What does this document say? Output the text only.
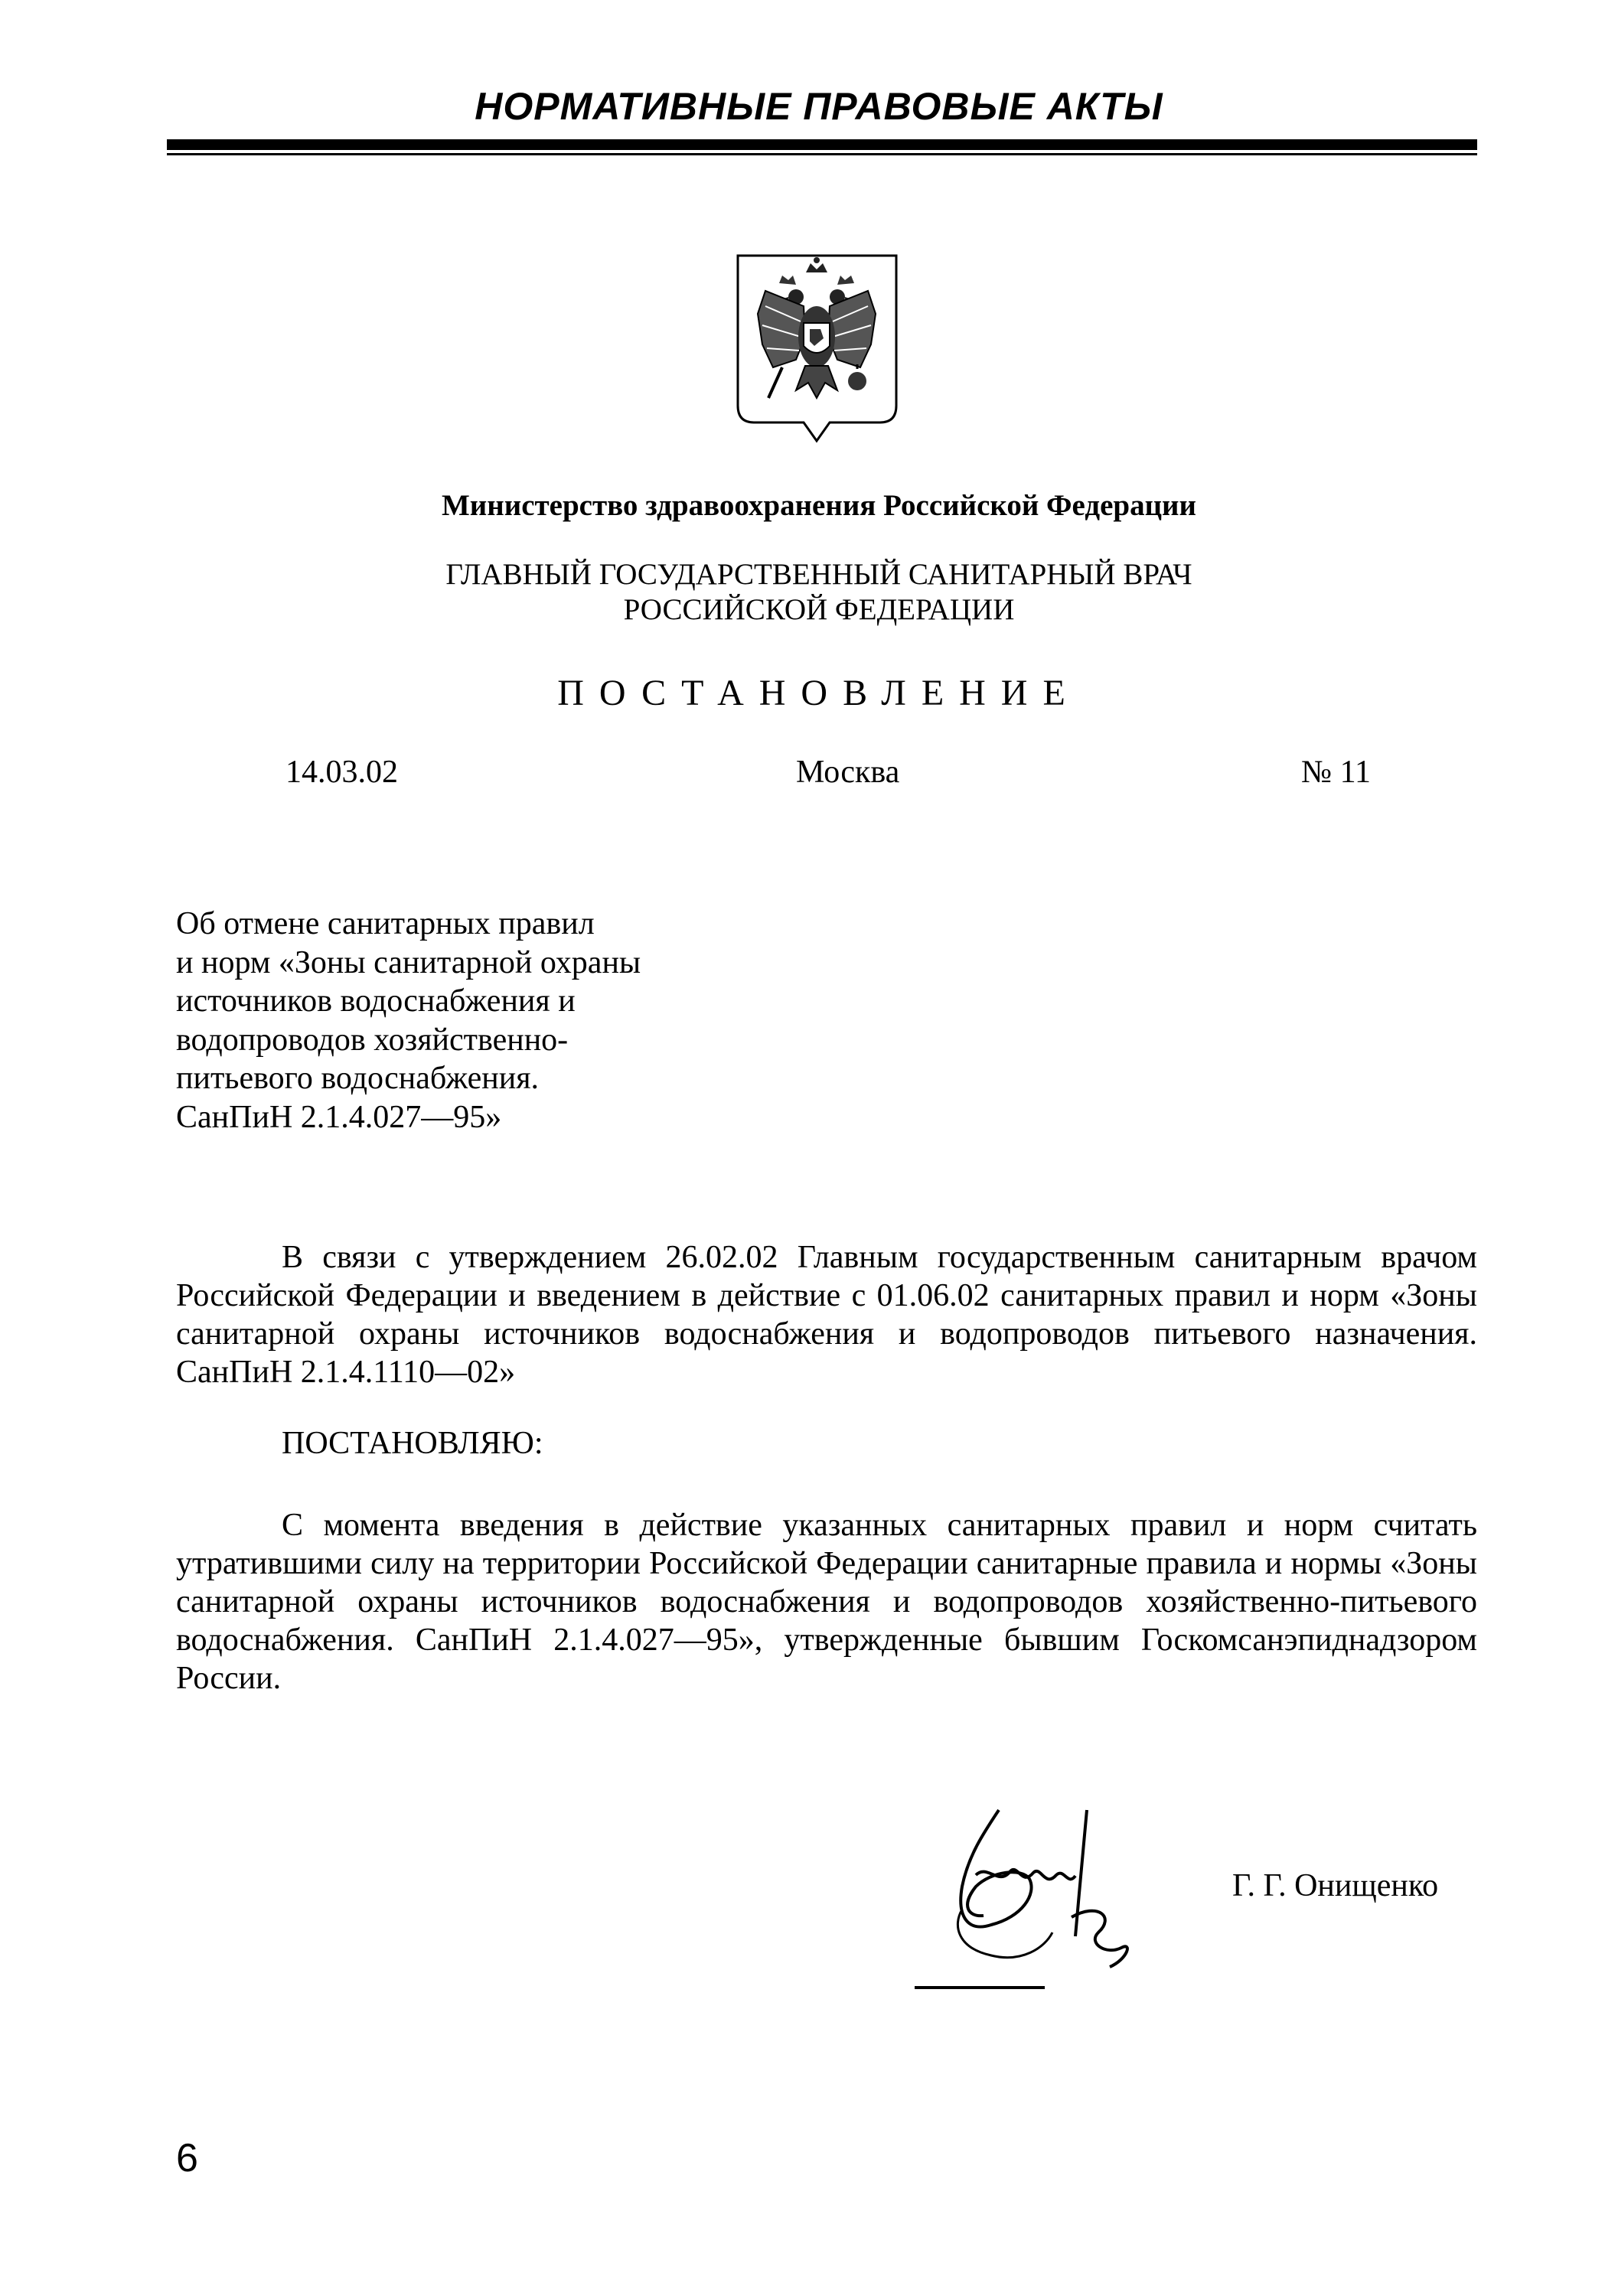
НОРМАТИВНЫЕ ПРАВОВЫЕ АКТЫ
Министерство здравоохранения Российской Федерации
ГЛАВНЫЙ ГОСУДАРСТВЕННЫЙ САНИТАРНЫЙ ВРАЧ
РОССИЙСКОЙ ФЕДЕРАЦИИ
ПОСТАНОВЛЕНИЕ
14.03.02	Москва	№ 11
Об отмене санитарных правил
и норм «Зоны санитарной охраны
источников водоснабжения и
водопроводов хозяйственно-
питьевого водоснабжения.
СанПиН 2.1.4.027—95»
В связи с утверждением 26.02.02 Главным государственным санитарным врачом Российской Федерации и введением в действие с 01.06.02 санитарных правил и норм «Зоны санитарной охраны источников водоснабжения и водопроводов питьевого назначения. СанПиН 2.1.4.1110—02»
ПОСТАНОВЛЯЮ:
С момента введения в действие указанных санитарных правил и норм считать утратившими силу на территории Российской Федерации санитарные правила и нормы «Зоны санитарной охраны источников водоснабжения и водопроводов хозяйственно-питьевого водоснабжения. СанПиН 2.1.4.027—95», утвержденные бывшим Госкомсанэпиднадзором России.
Г. Г. Онищенко
6
